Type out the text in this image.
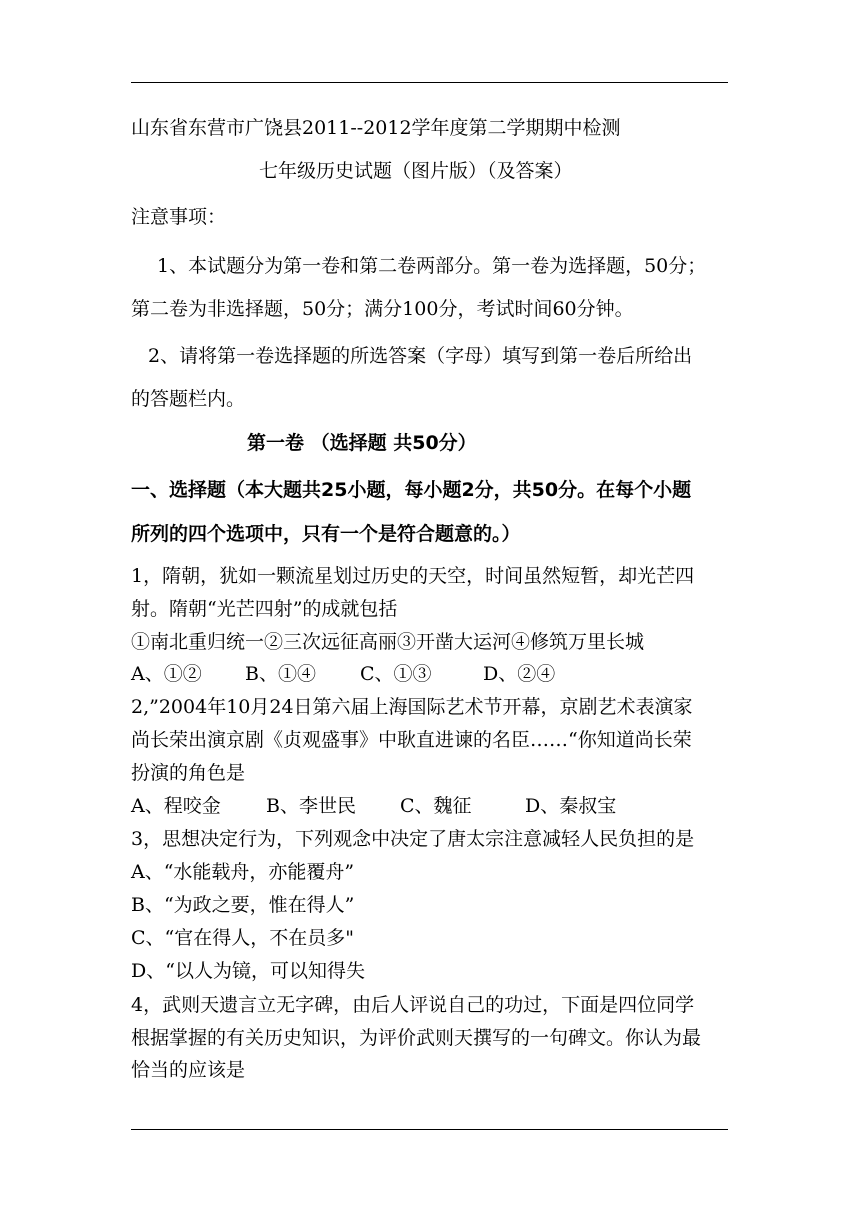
山东省东营市广饶县2011--2012学年度第二学期期中检测
七年级历史试题（图片版）（及答案）
注意事项：
1、本试题分为第一卷和第二卷两部分。第一卷为选择题，50分；
第二卷为非选择题，50分；满分100分，考试时间60分钟。
2、请将第一卷选择题的所选答案（字母）填写到第一卷后所给出
的答题栏内。
第一卷 （选择题 共50分）
一、选择题（本大题共25小题，每小题2分，共50分。在每个小题
所列的四个选项中，只有一个是符合题意的。）
1，隋朝，犹如一颗流星划过历史的天空，时间虽然短暂，却光芒四
射。隋朝“光芒四射”的成就包括
①南北重归统一②三次远征高丽③开凿大运河④修筑万里长城
A、①② B、①④ C、①③	D、②④
2,”2004年10月24日第六届上海国际艺术节开幕，京剧艺术表演家
尚长荣出演京剧《贞观盛事》中耿直进谏的名臣……“你知道尚长荣
扮演的角色是
A、程咬金 B、李世民 C、魏征	D、秦叔宝
3，思想决定行为，下列观念中决定了唐太宗注意减轻人民负担的是
A、“水能载舟，亦能覆舟”
B、“为政之要，惟在得人”
C、“官在得人，不在员多"
D、“以人为镜，可以知得失
4，武则天遗言立无字碑，由后人评说自己的功过，下面是四位同学
根据掌握的有关历史知识，为评价武则天撰写的一句碑文。你认为最
恰当的应该是
